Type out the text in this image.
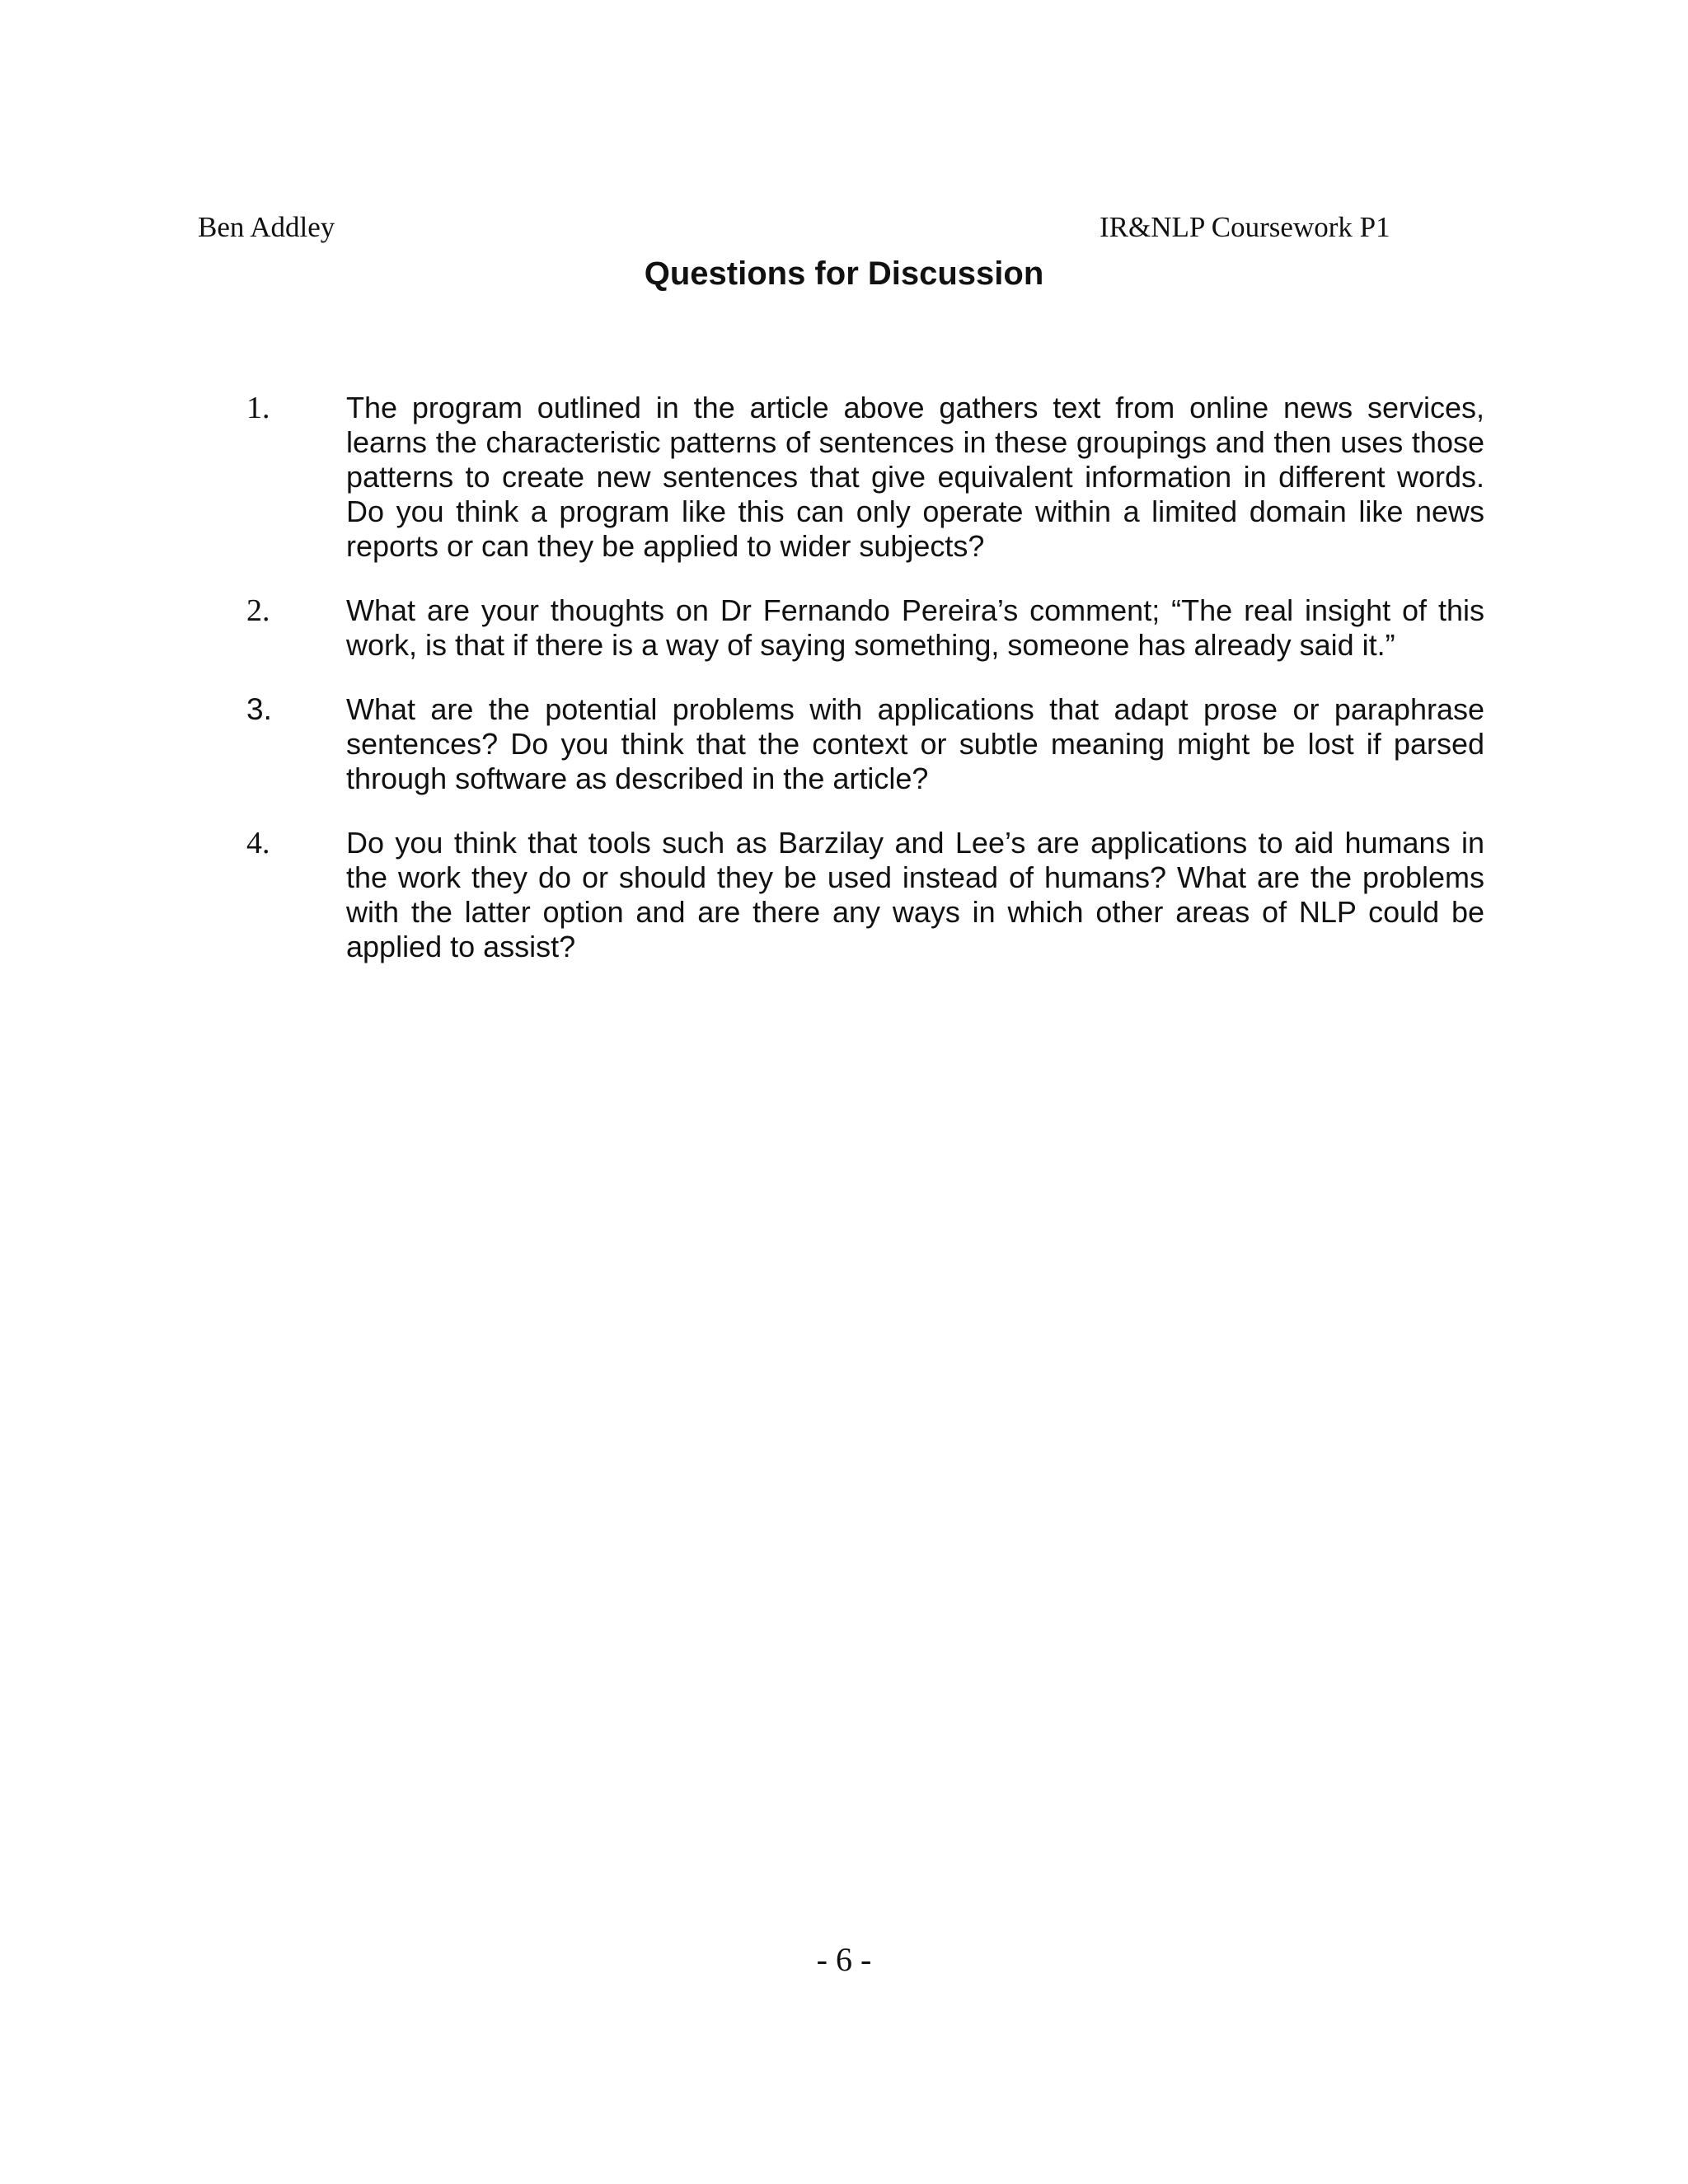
Ben Addley	IR&NLP Coursework P1
Questions for Discussion
1.	The program outlined in the article above gathers text from online news services, learns the characteristic patterns of sentences in these groupings and then uses those patterns to create new sentences that give equivalent information in different words. Do you think a program like this can only operate within a limited domain like news reports or can they be applied to wider subjects?
2.	What are your thoughts on Dr Fernando Pereira’s comment; “The real insight of this work, is that if there is a way of saying something, someone has already said it.”
3.	What are the potential problems with applications that adapt prose or paraphrase sentences? Do you think that the context or subtle meaning might be lost if parsed through software as described in the article?
4.	Do you think that tools such as Barzilay and Lee’s are applications to aid humans in the work they do or should they be used instead of humans? What are the problems with the latter option and are there any ways in which other areas of NLP could be applied to assist?
- 6 -
